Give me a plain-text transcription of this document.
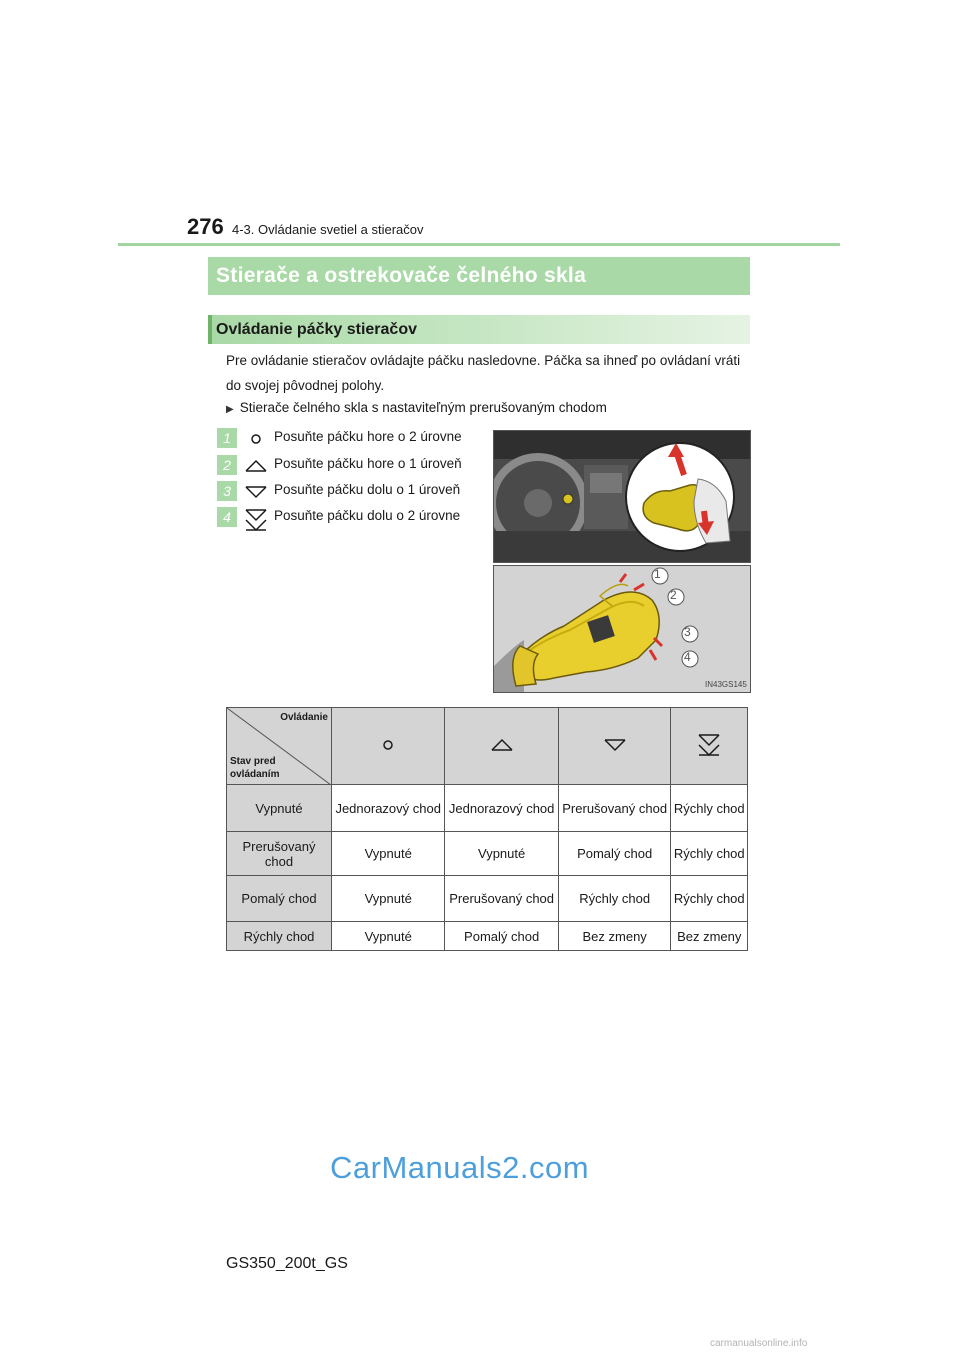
276 4-3. Ovládanie svetiel a stieračov
Stierače a ostrekovače čelného skla
Ovládanie páčky stieračov
Pre ovládanie stieračov ovládajte páčku nasledovne. Páčka sa ihneď po ovládaní vráti do svojej pôvodnej polohy.
▶ Stierače čelného skla s nastaviteľným prerušovaným chodom
1	Posuňte páčku hore o 2 úrovne
2	Posuňte páčku hore o 1 úroveň
3	Posuňte páčku dolu o 1 úroveň
4	Posuňte páčku dolu o 2 úrovne
1
2
3
4
IN43GS145
Ovládanie
Stav pred ovládaním

Vypnuté	Jednorazový chod	Jednorazový chod	Prerušovaný chod	Rýchly chod
Prerušovaný chod	Vypnuté	Vypnuté	Pomalý chod	Rýchly chod
Pomalý chod	Vypnuté	Prerušovaný chod	Rýchly chod	Rýchly chod
Rýchly chod	Vypnuté	Pomalý chod	Bez zmeny	Bez zmeny
CarManuals2.com
GS350_200t_GS
carmanualsonline.info
